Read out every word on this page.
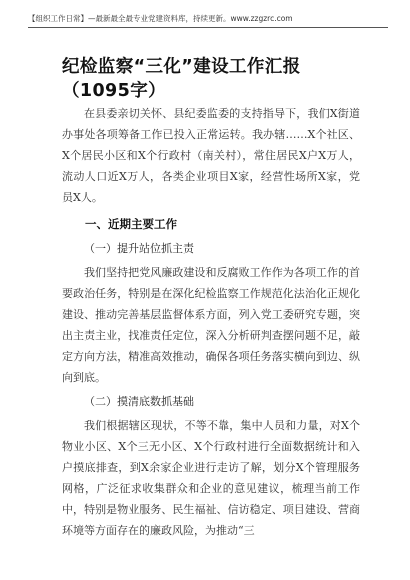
【组织工作日常】—最新最全最专业党建资料库，持续更新。www.zzgzrc.com
纪检监察“三化”建设工作汇报（1095字）

在县委亲切关怀、县纪委监委的支持指导下，我们X街道办事处各项筹备工作已投入正常运转。我办辖……X个社区、X个居民小区和X个行政村（南关村），常住居民X户X万人，流动人口近X万人，各类企业项目X家，经营性场所X家，党员X人。

一、近期主要工作
（一）提升站位抓主责

我们坚持把党风廉政建设和反腐败工作作为各项工作的首要政治任务，特别是在深化纪检监察工作规范化法治化正规化建设、推动完善基层监督体系方面，列入党工委研究专题，突出主责主业，找准责任定位，深入分析研判查摆问题不足，敲定方向方法，精准高效推动，确保各项任务落实横向到边、纵向到底。

（二）摸清底数抓基础

我们根据辖区现状，不等不靠，集中人员和力量，对X个物业小区、X个三无小区、X个行政村进行全面数据统计和入户摸底排查，到X余家企业进行走访了解，划分X个管理服务网格，广泛征求收集群众和企业的意见建议，梳理当前工作中，特别是物业服务、民生福祉、信访稳定、项目建设、营商环境等方面存在的廉政风险，为推动“三
